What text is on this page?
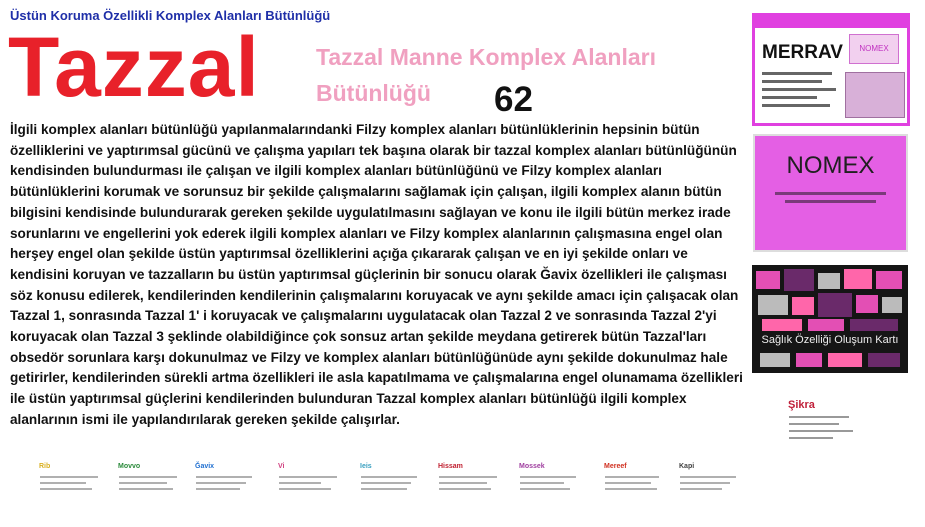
Üstün Koruma Özellikli Komplex Alanları Bütünlüğü
Tazzal Tazzal Manne Komplex Alanları Bütünlüğü	62
İlgili komplex alanları bütünlüğü yapılanmalarındanki Filzy komplex alanları bütünlüklerinin hepsinin bütün özelliklerini ve yaptırımsal gücünü ve çalışma yapıları tek başına olarak bir tazzal komplex alanları bütünlüğünün kendisinden bulundurması ile çalışan ve ilgili komplex alanları bütünlüğünü ve Filzy komplex alanları bütünlüklerini korumak ve sorunsuz bir şekilde çalışmalarını sağlamak için çalışan, ilgili komplex alanın bütün bilgisini kendisinde bulundurarak gereken şekilde uygulatılmasını sağlayan ve konu ile ilgili bütün merkez irade sorunlarını ve engellerini yok ederek ilgili komplex alanları ve Filzy komplex alanlarının çalışmasına engel olan herşey engel olan şekilde üstün yaptırımsal özelliklerini açığa çıkararak çalışan ve en iyi şekilde onları ve kendisini koruyan ve tazzalların bu üstün yaptırımsal güçlerinin bir sonucu olarak Ğavix özellikleri ile çalışması söz konusu edilerek, kendilerinden kendilerinin çalışmalarını koruyacak ve aynı şekilde amacı için çalışacak olan Tazzal 1, sonrasında Tazzal 1' i koruyacak ve çalışmalarını uygulatacak olan Tazzal 2 ve sonrasında Tazzal 2'yi koruyacak olan Tazzal 3 şeklinde olabildiğince çok sonsuz artan şekilde meydana getirerek bütün Tazzal'ları obsedör sorunlara karşı dokunulmaz ve Filzy ve komplex alanları bütünlüğünüde aynı şekilde dokunulmaz hale getirirler, kendilerinden sürekli artma özellikleri ile asla kapatılmama ve çalışmalarına engel olunamama özellikleri ile üstün yaptırımsal güçlerini kendilerinden bulunduran Tazzal komplex alanları bütünlüğü ilgili komplex alanlarının ismi ile yapılandırılarak gereken şekilde çalışırlar.
MERRAV	NOMEX
NOMEX
Sağlık Özelliği Oluşum Kartı
Şikra
Rib	Movvo	Ğavix	Vi	Ieis	Hissam	Mossek	Mereef	Kapi
